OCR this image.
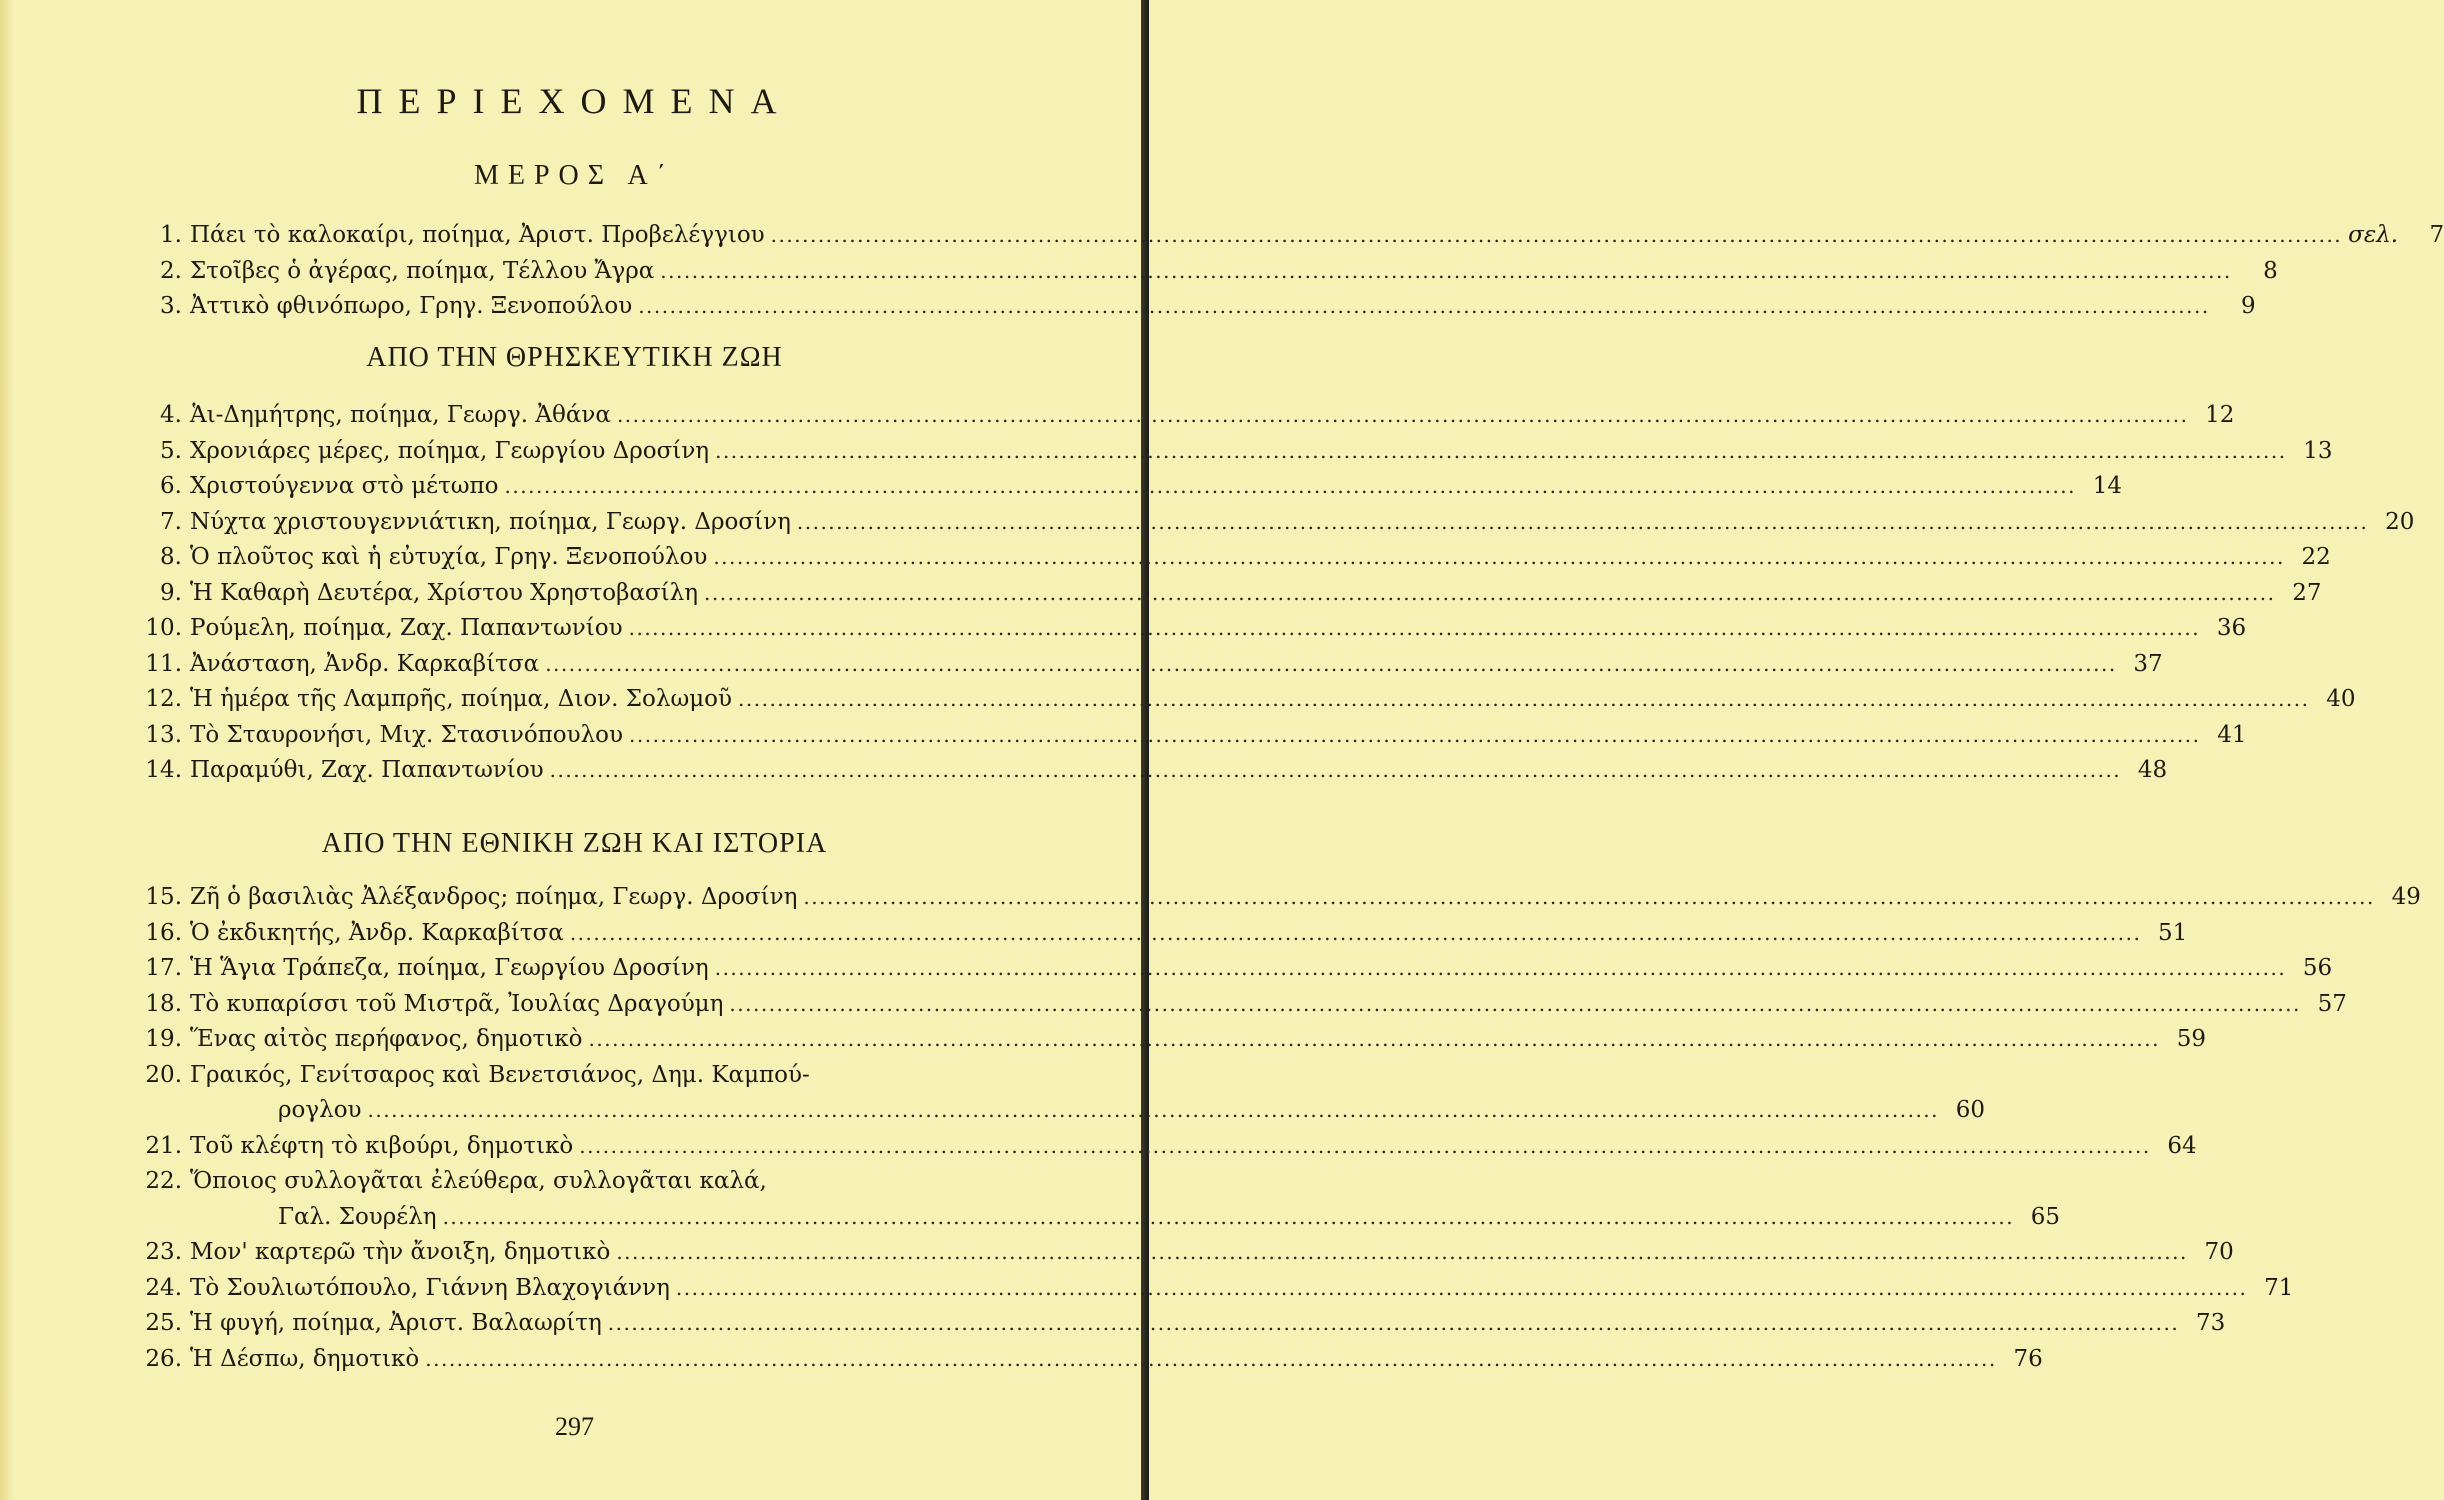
ΠΕΡΙΕΧΟΜΕΝΑ
ΜΕΡΟΣ Α΄
1. Πάει τὸ καλοκαίρι, ποίημα, Ἀριστ. Προβελέγγιου ........................................................................................................................................................................................................ σελ.	7
2. Στοῖβες ὁ ἀγέρας, ποίημα, Τέλλου Ἄγρα ........................................................................................................................................................................................................	8
3. Ἀττικὸ φθινόπωρο, Γρηγ. Ξενοπούλου ........................................................................................................................................................................................................	9
ΑΠΟ ΤΗΝ ΘΡΗΣΚΕΥΤΙΚΗ ΖΩΗ
4. Ἁι-Δημήτρης, ποίημα, Γεωργ. Ἀθάνα ........................................................................................................................................................................................................ 12
5. Χρονιάρες μέρες, ποίημα, Γεωργίου Δροσίνη ........................................................................................................................................................................................................ 13
6. Χριστούγεννα στὸ μέτωπο ........................................................................................................................................................................................................ 14
7. Νύχτα χριστουγεννιάτικη, ποίημα, Γεωργ. Δροσίνη ........................................................................................................................................................................................................ 20
8. Ὁ πλοῦτος καὶ ἡ εὐτυχία, Γρηγ. Ξενοπούλου ........................................................................................................................................................................................................ 22
9. Ἡ Καθαρὴ Δευτέρα, Χρίστου Χρηστοβασίλη ........................................................................................................................................................................................................ 27
10. Ρούμελη, ποίημα, Ζαχ. Παπαντωνίου ........................................................................................................................................................................................................ 36
11. Ἀνάσταση, Ἀνδρ. Καρκαβίτσα ........................................................................................................................................................................................................ 37
12. Ἡ ἡμέρα τῆς Λαμπρῆς, ποίημα, Διον. Σολωμοῦ ........................................................................................................................................................................................................ 40
13. Τὸ Σταυρονήσι, Μιχ. Στασινόπουλου ........................................................................................................................................................................................................ 41
14. Παραμύθι, Ζαχ. Παπαντωνίου ........................................................................................................................................................................................................ 48
ΑΠΟ ΤΗΝ ΕΘΝΙΚΗ ΖΩΗ ΚΑΙ ΙΣΤΟΡΙΑ
15. Ζῆ ὁ βασιλιὰς Ἀλέξανδρος; ποίημα, Γεωργ. Δροσίνη ........................................................................................................................................................................................................ 49
16. Ὁ ἐκδικητής, Ἀνδρ. Καρκαβίτσα ........................................................................................................................................................................................................ 51
17. Ἡ Ἅγια Τράπεζα, ποίημα, Γεωργίου Δροσίνη ........................................................................................................................................................................................................ 56
18. Τὸ κυπαρίσσι τοῦ Μιστρᾶ, Ἰουλίας Δραγούμη ........................................................................................................................................................................................................ 57
19. Ἕνας αἰτὸς περήφανος, δημοτικὸ ........................................................................................................................................................................................................ 59
20. Γραικός, Γενίτσαρος καὶ Βενετσιάνος, Δημ. Καμπού-
ρογλου ........................................................................................................................................................................................................ 60
21. Τοῦ κλέφτη τὸ κιβούρι, δημοτικὸ ........................................................................................................................................................................................................ 64
22. Ὅποιος συλλογᾶται ἐλεύθερα, συλλογᾶται καλά,
Γαλ. Σουρέλη ........................................................................................................................................................................................................ 65
23. Μον' καρτερῶ τὴν ἄνοιξη, δημοτικὸ ........................................................................................................................................................................................................ 70
24. Τὸ Σουλιωτόπουλο, Γιάννη Βλαχογιάννη ........................................................................................................................................................................................................ 71
25. Ἡ φυγή, ποίημα, Ἀριστ. Βαλαωρίτη ........................................................................................................................................................................................................ 73
26. Ἡ Δέσπω, δημοτικὸ ........................................................................................................................................................................................................ 76
297
